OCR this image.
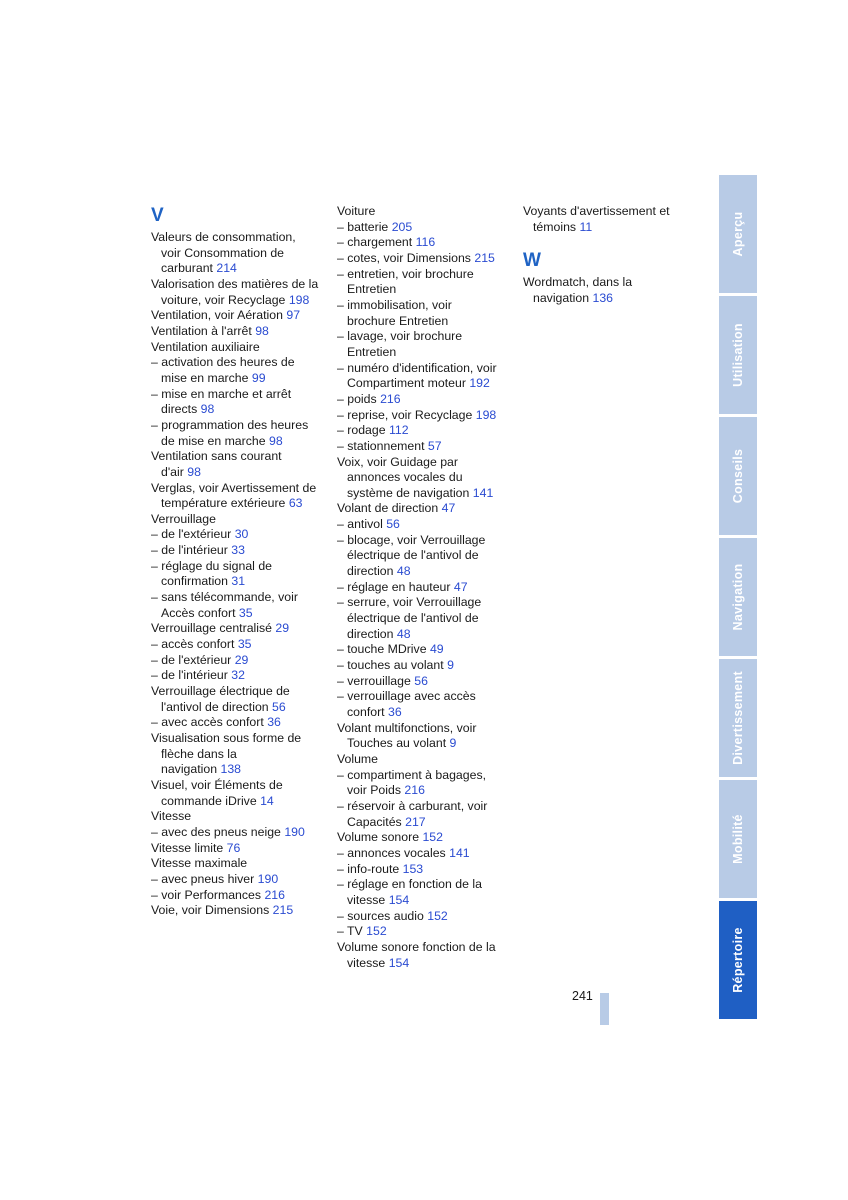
V
Valeurs de consommation,
voir Consommation de
carburant 214
Valorisation des matières de la
voiture, voir Recyclage 198
Ventilation, voir Aération 97
Ventilation à l'arrêt 98
Ventilation auxiliaire
– activation des heures de
mise en marche 99
– mise en marche et arrêt
directs 98
– programmation des heures
de mise en marche 98
Ventilation sans courant
d'air 98
Verglas, voir Avertissement de
température extérieure 63
Verrouillage
– de l'extérieur 30
– de l'intérieur 33
– réglage du signal de
confirmation 31
– sans télécommande, voir
Accès confort 35
Verrouillage centralisé 29
– accès confort 35
– de l'extérieur 29
– de l'intérieur 32
Verrouillage électrique de
l'antivol de direction 56
– avec accès confort 36
Visualisation sous forme de
flèche dans la
navigation 138
Visuel, voir Éléments de
commande iDrive 14
Vitesse
– avec des pneus neige 190
Vitesse limite 76
Vitesse maximale
– avec pneus hiver 190
– voir Performances 216
Voie, voir Dimensions 215
Voiture
– batterie 205
– chargement 116
– cotes, voir Dimensions 215
– entretien, voir brochure
Entretien
– immobilisation, voir
brochure Entretien
– lavage, voir brochure
Entretien
– numéro d'identification, voir
Compartiment moteur 192
– poids 216
– reprise, voir Recyclage 198
– rodage 112
– stationnement 57
Voix, voir Guidage par
annonces vocales du
système de navigation 141
Volant de direction 47
– antivol 56
– blocage, voir Verrouillage
électrique de l'antivol de
direction 48
– réglage en hauteur 47
– serrure, voir Verrouillage
électrique de l'antivol de
direction 48
– touche MDrive 49
– touches au volant 9
– verrouillage 56
– verrouillage avec accès
confort 36
Volant multifonctions, voir
Touches au volant 9
Volume
– compartiment à bagages,
voir Poids 216
– réservoir à carburant, voir
Capacités 217
Volume sonore 152
– annonces vocales 141
– info-route 153
– réglage en fonction de la
vitesse 154
– sources audio 152
– TV 152
Volume sonore fonction de la
vitesse 154
Voyants d'avertissement et
témoins 11
W
Wordmatch, dans la
navigation 136
Aperçu
Utilisation
Conseils
Navigation
Divertissement
Mobilité
Répertoire
241
